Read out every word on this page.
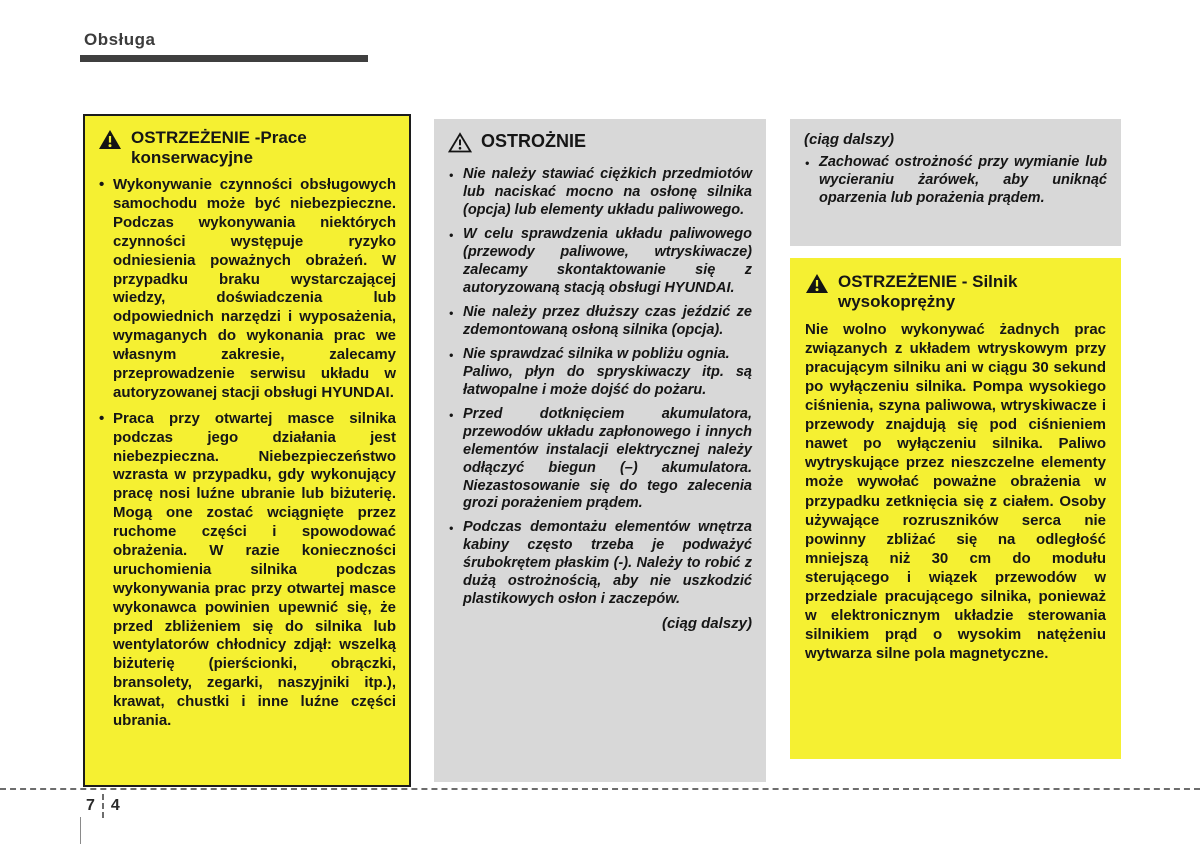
Obsługa
OSTRZEŻENIE -Prace
konserwacyjne
• Wykonywanie czynności obsługowych samochodu może być niebezpieczne. Podczas wykonywania niektórych czynności występuje ryzyko odniesienia poważnych obrażeń. W przypadku braku wystarczającej wiedzy, doświadczenia lub odpowiednich narzędzi i wyposażenia, wymaganych do wykonania prac we własnym zakresie, zalecamy przeprowadzenie serwisu układu w autoryzowanej stacji obsługi HYUNDAI.
• Praca przy otwartej masce silnika podczas jego działania jest niebezpieczna. Niebezpieczeństwo wzrasta w przypadku, gdy wykonujący pracę nosi luźne ubranie lub biżuterię. Mogą one zostać wciągnięte przez ruchome części i spowodować obrażenia. W razie konieczności uruchomienia silnika podczas wykonywania prac przy otwartej masce wykonawca powinien upewnić się, że przed zbliżeniem się do silnika lub wentylatorów chłodnicy zdjął: wszelką biżuterię (pierścionki, obrączki, bransolety, zegarki, naszyjniki itp.), krawat, chustki i inne luźne części ubrania.
OSTROŻNIE
• Nie należy stawiać ciężkich przedmiotów lub naciskać mocno na osłonę silnika (opcja) lub elementy układu paliwowego.
• W celu sprawdzenia układu paliwowego (przewody paliwowe, wtryskiwacze) zalecamy skontaktowanie się z autoryzowaną stacją obsługi HYUNDAI.
• Nie należy przez dłuższy czas jeździć ze zdemontowaną osłoną silnika (opcja).
• Nie sprawdzać silnika w pobliżu ognia.
Paliwo, płyn do spryskiwaczy itp. są łatwopalne i może dojść do pożaru.
• Przed dotknięciem akumulatora, przewodów układu zapłonowego i innych elementów instalacji elektrycznej należy odłączyć biegun (–) akumulatora. Niezastosowanie się do tego zalecenia grozi porażeniem prądem.
• Podczas demontażu elementów wnętrza kabiny często trzeba je podważyć śrubokrętem płaskim (-). Należy to robić z dużą ostrożnością, aby nie uszkodzić plastikowych osłon i zaczepów.
(ciąg dalszy)
(ciąg dalszy)
• Zachować ostrożność przy wymianie lub wycieraniu żarówek, aby uniknąć oparzenia lub porażenia prądem.
OSTRZEŻENIE - Silnik
wysokoprężny
Nie wolno wykonywać żadnych prac związanych z układem wtryskowym przy pracującym silniku ani w ciągu 30 sekund po wyłączeniu silnika. Pompa wysokiego ciśnienia, szyna paliwowa, wtryskiwacze i przewody znajdują się pod ciśnieniem nawet po wyłączeniu silnika. Paliwo wytryskujące przez nieszczelne elementy może wywołać poważne obrażenia w przypadku zetknięcia się z ciałem. Osoby używające rozruszników serca nie powinny zbliżać się na odległość mniejszą niż 30 cm do modułu sterującego i wiązek przewodów w przedziale pracującego silnika, ponieważ w elektronicznym układzie sterowania silnikiem prąd o wysokim natężeniu wytwarza silne pola magnetyczne.
7 4
